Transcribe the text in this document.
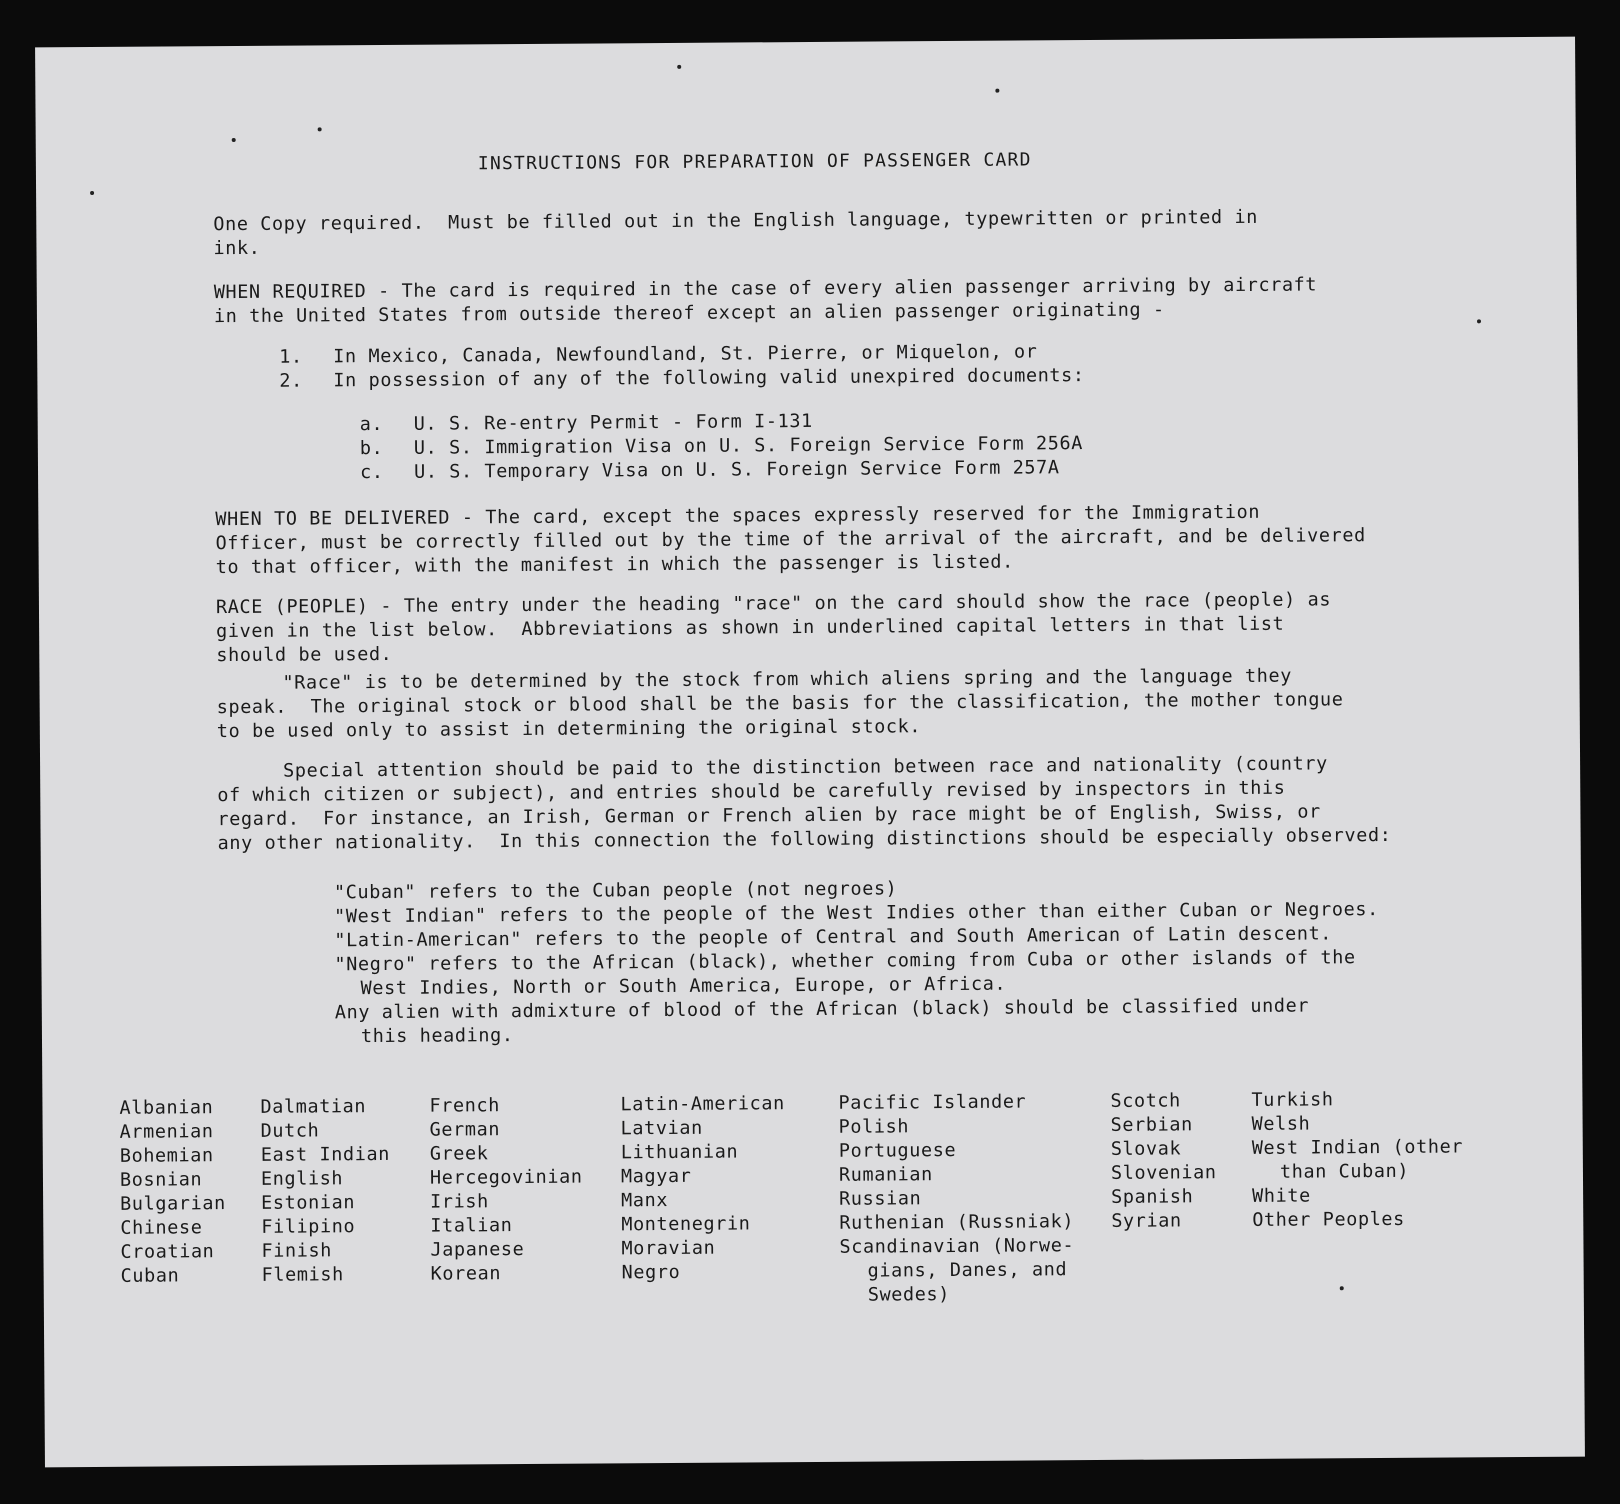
INSTRUCTIONS FOR PREPARATION OF PASSENGER CARD

One Copy required.  Must be filled out in the English language, typewritten or printed in
ink.

WHEN REQUIRED - The card is required in the case of every alien passenger arriving by aircraft
in the United States from outside thereof except an alien passenger originating -

1.	In Mexico, Canada, Newfoundland, St. Pierre, or Miquelon, or
2.	In possession of any of the following valid unexpired documents:
a.	U. S. Re-entry Permit - Form I-131
b.	U. S. Immigration Visa on U. S. Foreign Service Form 256A
c.	U. S. Temporary Visa on U. S. Foreign Service Form 257A

WHEN TO BE DELIVERED - The card, except the spaces expressly reserved for the Immigration
Officer, must be correctly filled out by the time of the arrival of the aircraft, and be delivered
to that officer, with the manifest in which the passenger is listed.

RACE (PEOPLE) - The entry under the heading "race" on the card should show the race (people) as
given in the list below.  Abbreviations as shown in underlined capital letters in that list
should be used.

"Race" is to be determined by the stock from which aliens spring and the language they
speak.  The original stock or blood shall be the basis for the classification, the mother tongue
to be used only to assist in determining the original stock.

Special attention should be paid to the distinction between race and nationality (country
of which citizen or subject), and entries should be carefully revised by inspectors in this
regard.  For instance, an Irish, German or French alien by race might be of English, Swiss, or
any other nationality.  In this connection the following distinctions should be especially observed:

"Cuban" refers to the Cuban people (not negroes)

"West Indian" refers to the people of the West Indies other than either Cuban or Negroes.

"Latin-American" refers to the people of Central and South American of Latin descent.

"Negro" refers to the African (black), whether coming from Cuba or other islands of the
West Indies, North or South America, Europe, or Africa.

Any alien with admixture of blood of the African (black) should be classified under
this heading.

Albanian
Armenian
Bohemian
Bosnian
Bulgarian
Chinese
Croatian
Cuban
Dalmatian
Dutch
East Indian
English
Estonian
Filipino
Finish
Flemish
French
German
Greek
Hercegovinian
Irish
Italian
Japanese
Korean
Latin-American
Latvian
Lithuanian
Magyar
Manx
Montenegrin
Moravian
Negro
Pacific Islander
Polish
Portuguese
Rumanian
Russian
Ruthenian (Russniak)
Scandinavian (Norwe-
gians, Danes, and
Swedes)
Scotch
Serbian
Slovak
Slovenian
Spanish
Syrian
Turkish
Welsh
West Indian (other
than Cuban)
White
Other Peoples
